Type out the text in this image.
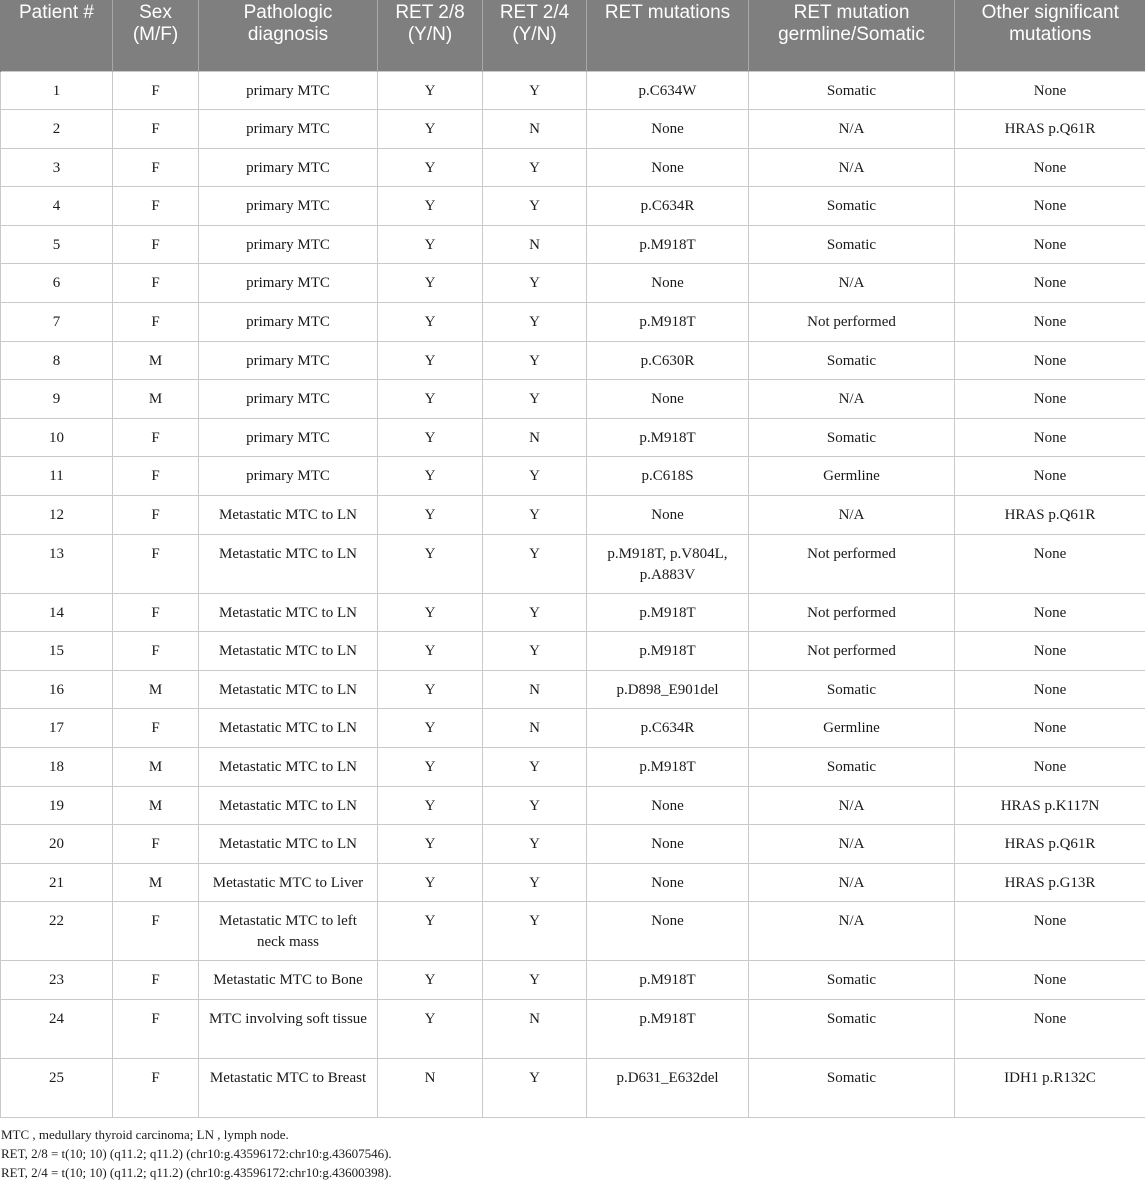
Patient #	Sex (M/F)	Pathologic diagnosis	RET 2/8 (Y/N)	RET 2/4 (Y/N)	RET mutations	RET mutation germline/Somatic	Other significant mutations
1	F	primary MTC	Y	Y	p.C634W	Somatic	None
2	F	primary MTC	Y	N	None	N/A	HRAS p.Q61R
3	F	primary MTC	Y	Y	None	N/A	None
4	F	primary MTC	Y	Y	p.C634R	Somatic	None
5	F	primary MTC	Y	N	p.M918T	Somatic	None
6	F	primary MTC	Y	Y	None	N/A	None
7	F	primary MTC	Y	Y	p.M918T	Not performed	None
8	M	primary MTC	Y	Y	p.C630R	Somatic	None
9	M	primary MTC	Y	Y	None	N/A	None
10	F	primary MTC	Y	N	p.M918T	Somatic	None
11	F	primary MTC	Y	Y	p.C618S	Germline	None
12	F	Metastatic MTC to LN	Y	Y	None	N/A	HRAS p.Q61R
13	F	Metastatic MTC to LN	Y	Y	p.M918T, p.V804L, p.A883V	Not performed	None
14	F	Metastatic MTC to LN	Y	Y	p.M918T	Not performed	None
15	F	Metastatic MTC to LN	Y	Y	p.M918T	Not performed	None
16	M	Metastatic MTC to LN	Y	N	p.D898_E901del	Somatic	None
17	F	Metastatic MTC to LN	Y	N	p.C634R	Germline	None
18	M	Metastatic MTC to LN	Y	Y	p.M918T	Somatic	None
19	M	Metastatic MTC to LN	Y	Y	None	N/A	HRAS p.K117N
20	F	Metastatic MTC to LN	Y	Y	None	N/A	HRAS p.Q61R
21	M	Metastatic MTC to Liver	Y	Y	None	N/A	HRAS p.G13R
22	F	Metastatic MTC to left neck mass	Y	Y	None	N/A	None
23	F	Metastatic MTC to Bone	Y	Y	p.M918T	Somatic	None
24	F	MTC involving soft tissue	Y	N	p.M918T	Somatic	None
25	F	Metastatic MTC to Breast	N	Y	p.D631_E632del	Somatic	IDH1 p.R132C
MTC , medullary thyroid carcinoma; LN , lymph node.
RET, 2/8 = t(10; 10) (q11.2; q11.2) (chr10:g.43596172:chr10:g.43607546).
RET, 2/4 = t(10; 10) (q11.2; q11.2) (chr10:g.43596172:chr10:g.43600398).
